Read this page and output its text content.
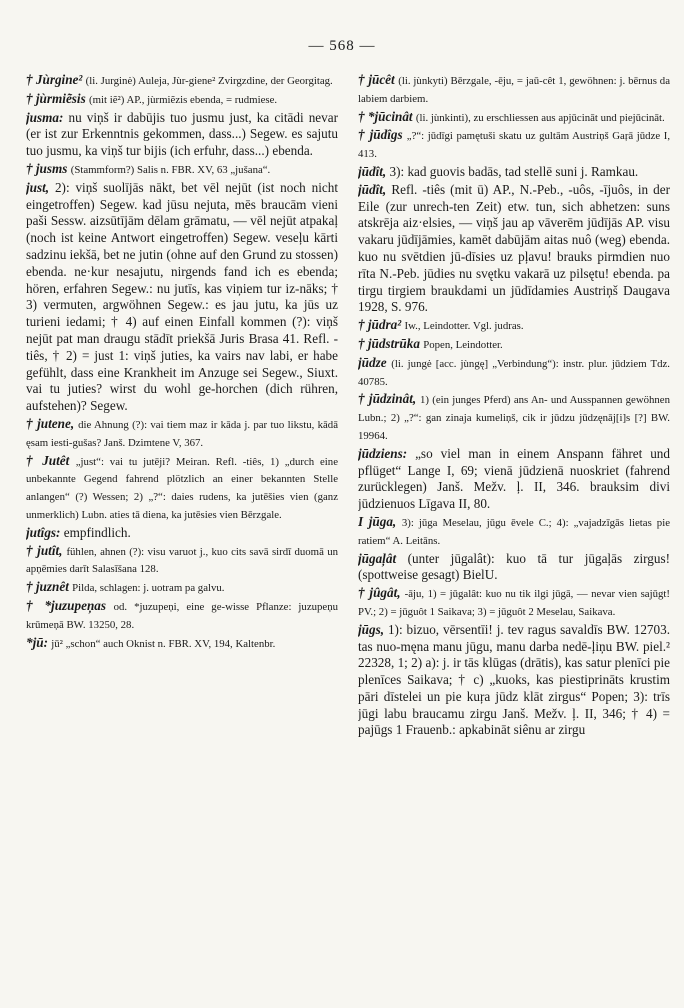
— 568 —

† Jùrgine² (li. Jurginė) Auleja, Jùr-giene² Zvirgzdine, der Georgitag.

† jùrmiẽsis (mit iẽ²) AP., jùrmiẽzis ebenda, = rudmiese.

jusma: nu viņš ir dabūjis tuo jusmu just, ka citādi nevar (er ist zur Erkenntnis gekommen, dass...) Segew. es sajutu tuo jusmu, ka viņš tur bijis (ich erfuhr, dass...) ebenda.

† jusms (Stammform?) Salis n. FBR. XV, 63 „jušana“.

just, 2): viņš suolījās nākt, bet vēl nejūt (ist noch nicht eingetroffen) Segew. kad jūsu nejuta, mēs braucām vieni paši Sessw. aizsūtījām dēlam grāmatu, — vēl nejūt atpakaļ (noch ist keine Antwort eingetroffen) Segew. veseļu kārti sadzinu iekšā, bet ne jutin (ohne auf den Grund zu stossen) ebenda. ne·kur nesajutu, nirgends fand ich es ebenda; hören, erfahren Segew.: nu jutīs, kas viņiem tur iz-nāks; † 3) vermuten, argwöhnen Segew.: es jau jutu, ka jūs uz turieni iedami; † 4) auf einen Einfall kommen (?): viņš nejūt pat man draugu stādīt priekšā Juris Brasa 41. Refl. -tiês, † 2) = just 1: viņš juties, ka vairs nav labi, er habe gefühlt, dass eine Krankheit im Anzuge sei Segew., Siuxt. vai tu juties? wirst du wohl ge-horchen (dich rühren, aufstehen)? Segew.

† jutene, die Ahnung (?): vai tiem maz ir kāda j. par tuo likstu, kādā ęsam iesti-gušas? Janš. Dzimtene V, 367.

† Jutêt „just“: vai tu jutēji? Meiran. Refl. -tiês, 1) „durch eine unbekannte Gegend fahrend plötzlich an einer bekannten Stelle anlangen“ (?) Wessen; 2) „?“: daies rudens, ka jutēšies vien (ganz unmerklich) Lubn. aties tā diena, ka jutēsies vien Bērzgale.

jutîgs: empfindlich.

† jutît, fühlen, ahnen (?): visu varuot j., kuo cits savā sirdī duomā un apņēmies darīt Salasīšana 128.

† juznêt Pilda, schlagen: j. uotram pa galvu.

† *juzupeņas od. *juzupeņi, eine ge-wisse Pflanze: juzupeņu krūmeņā BW. 13250, 28.

*jū: jū² „schon“ auch Oknist n. FBR. XV, 194, Kaltenbr.

† jūcêt (li. jùnkyti) Bērzgale, -ēju, = jaū-cêt 1, gewöhnen: j. bērnus da labiem darbiem.

† *jūcinât (li. jùnkinti), zu erschliessen aus apjūcināt und piejūcināt.

† jūdîgs „?“: jūdīgi pamętuši skatu uz gultām Austriņš Gaŗā jūdze I, 413.

jūdît, 3): kad guovis badās, tad stellē suni j. Ramkau.

jūdît, Refl. -tiês (mit ū) AP., N.-Peb., -uôs, -ījuôs, in der Eile (zur unrech-ten Zeit) etw. tun, sich abhetzen: suns atskrēja aiz·elsies, — viņš jau ap vāverēm jūdījās AP. visu vakaru jūdījāmies, kamēt dabūjām aitas nuô (weg) ebenda. kuo nu svētdien jū-dīsies uz pļavu! brauks pirmdien nuo rīta N.-Peb. jūdies nu svętku vakarā uz pilsętu! ebenda. pa tirgu tirgiem braukdami un jūdīdamies Austriņš Daugava 1928, S. 976.

† jūdra² Iw., Leindotter. Vgl. judras.

† jūdstrūka Popen, Leindotter.

jūdze (li. jungė [acc. jùngę] „Verbindung“): instr. plur. jūdziem Tdz. 40785.

† jūdzinât, 1) (ein junges Pferd) ans An- und Ausspannen gewöhnen Lubn.; 2) „?“: gan zinaja kumeliņš, cik ir jūdzu jūdzęnāj[i]s [?] BW. 19964.

jūdziens: „so viel man in einem Anspann fähret und pflüget“ Lange I, 69; vienā jūdzienā nuoskriet (fahrend zurücklegen) Janš. Mežv. ļ. II, 346. brauksim divi jūdzienuos Līgava II, 80.

I jūga, 3): jūga Meselau, jūgu ēvele C.; 4): „vajadzīgās lietas pie ratiem“ A. Leitāns.

jūgaļât (unter jūgalât): kuo tā tur jūgaļās zirgus! (spottweise gesagt) BielU.

† jûgât, -āju, 1) = jūgalât: kuo nu tik ilgi jūgā, — nevar vien sajūgt! PV.; 2) = jūguôt 1 Saikava; 3) = jūguôt 2 Meselau, Saikava.

jūgs, 1): bizuo, vērsentīi! j. tev ragus savaldīs BW. 12703. tas nuo-męna manu jūgu, manu darba nedē-ļiņu BW. piel.² 22328, 1; 2) a): j. ir tās klūgas (drātis), kas satur plenīci pie plenīces Saikava; † c) „kuoks, kas piestiprināts krustim pāri dīstelei un pie kuŗa jūdz klāt zirgus“ Popen; 3): trīs jūgi labu braucamu zirgu Janš. Mežv. ļ. II, 346; † 4) = pajūgs 1 Frauenb.: apkabināt siênu ar zirgu
